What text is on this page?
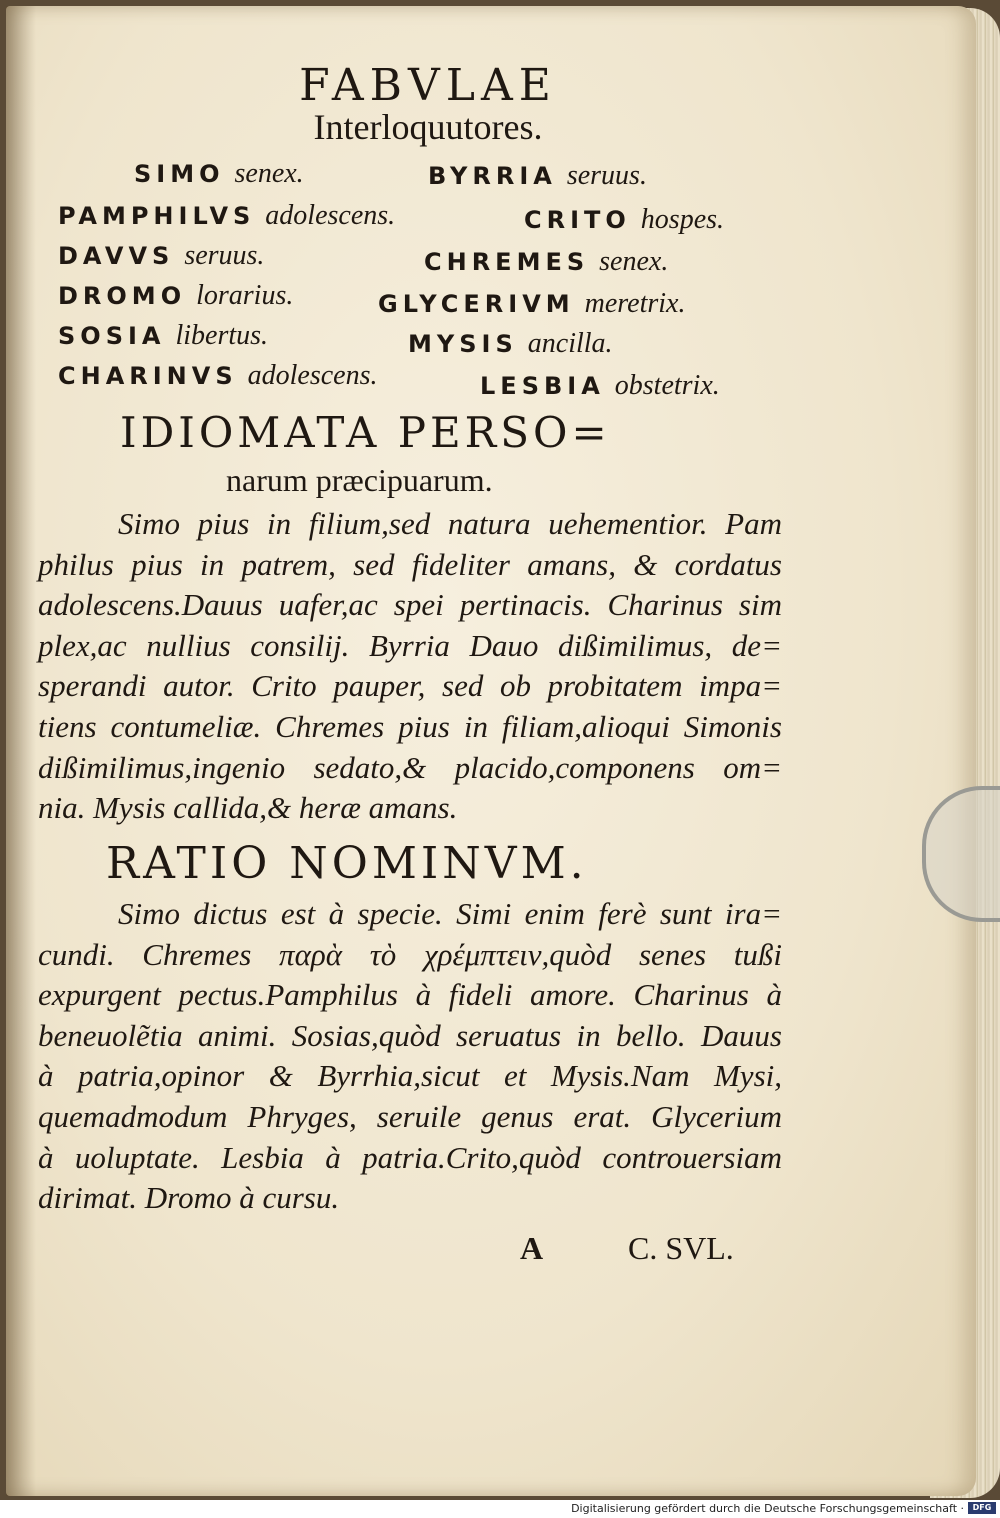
FABVLAE
Interloquutores.
SIMO senex.	BYRRIA seruus.
PAMPHILVS adolescens.	CRITO hospes.
DAVVS seruus.	CHREMES senex.
DROMO lorarius.	GLYCERIVM meretrix.
SOSIA libertus.	MYSIS ancilla.
CHARINVS adolescens.	LESBIA obstetrix.
IDIOMATA PERSO=
narum præcipuarum.
Simo pius in filium,sed natura uehementior. Pam
philus pius in patrem, sed fideliter amans, & cordatus
adolescens.Dauus uafer,ac spei pertinacis. Charinus sim
plex,ac nullius consilij. Byrria Dauo dißimilimus, de=
sperandi autor. Crito pauper, sed ob probitatem impa=
tiens contumeliæ. Chremes pius in filiam,alioqui Simonis
dißimilimus,ingenio sedato,& placido,componens om=
nia. Mysis callida,& heræ amans.
RATIO NOMINVM.
Simo dictus est à specie. Simi enim ferè sunt ira=
cundi. Chremes παρὰ τὸ χρέμπτειν,quòd senes tußi
expurgent pectus.Pamphilus à fideli amore. Charinus à
beneuolẽtia animi. Sosias,quòd seruatus in bello. Dauus
à patria,opinor & Byrrhia,sicut et Mysis.Nam Mysi,
quemadmodum Phryges, seruile genus erat. Glycerium
à uoluptate. Lesbia à patria.Crito,quòd controuersiam
dirimat. Dromo à cursu.
A	C. SVL.
Digitalisierung gefördert durch die Deutsche Forschungsgemeinschaft ·	DFG
